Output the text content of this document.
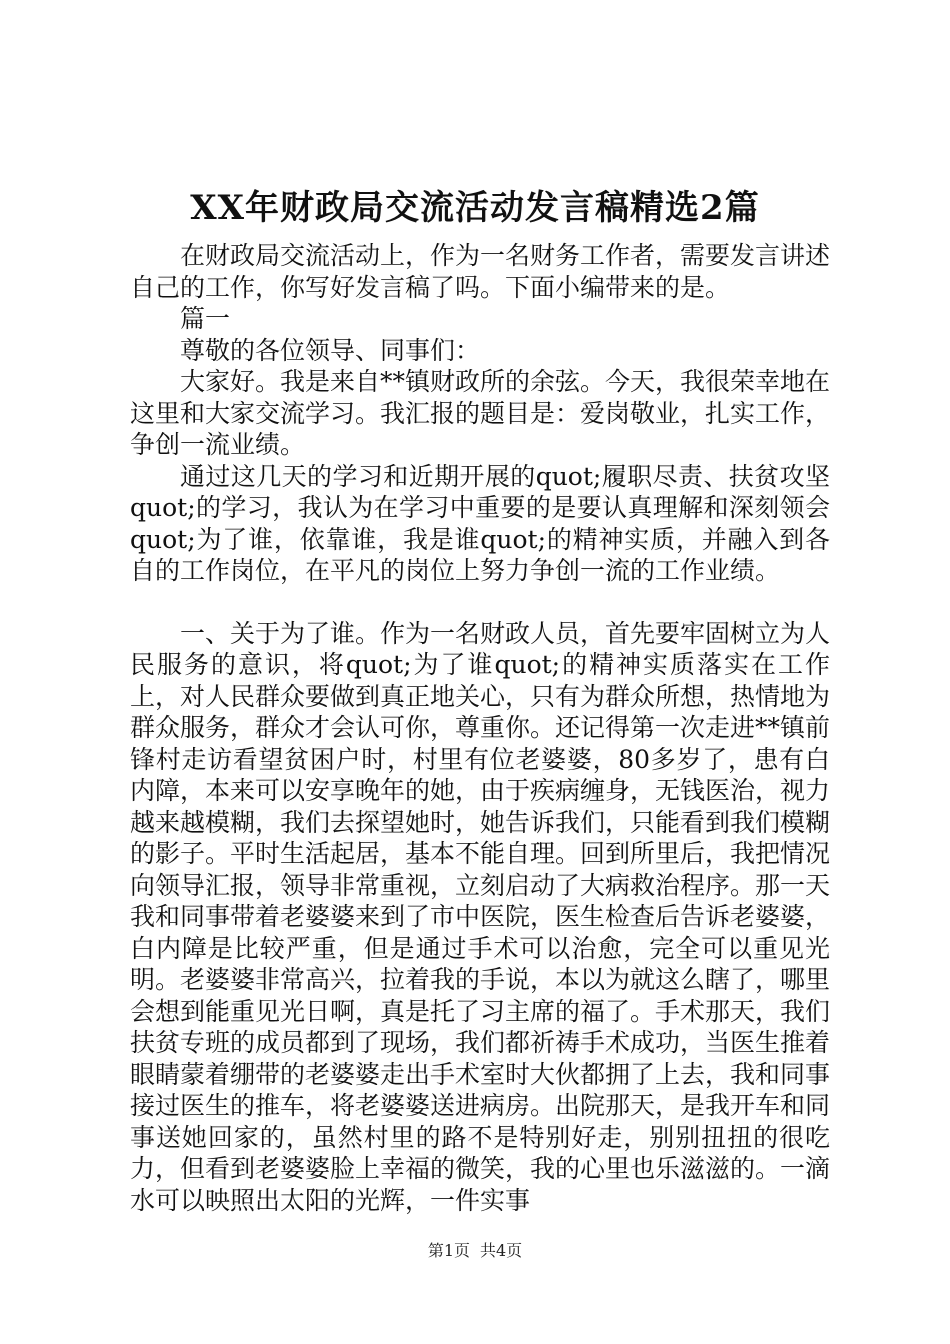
XX年财政局交流活动发言稿精选2篇

在财政局交流活动上，作为一名财务工作者，需要发言讲述自己的工作，你写好发言稿了吗。下面小编带来的是。

篇一

尊敬的各位领导、同事们：

大家好。我是来自**镇财政所的余弦。今天，我很荣幸地在这里和大家交流学习。我汇报的题目是：爱岗敬业，扎实工作，争创一流业绩。

通过这几天的学习和近期开展的quot;履职尽责、扶贫攻坚quot;的学习，我认为在学习中重要的是要认真理解和深刻领会quot;为了谁，依靠谁，我是谁quot;的精神实质，并融入到各自的工作岗位，在平凡的岗位上努力争创一流的工作业绩。

一、关于为了谁。作为一名财政人员，首先要牢固树立为人民服务的意识，将quot;为了谁quot;的精神实质落实在工作上，对人民群众要做到真正地关心，只有为群众所想，热情地为群众服务，群众才会认可你，尊重你。还记得第一次走进**镇前锋村走访看望贫困户时，村里有位老婆婆，80多岁了，患有白内障，本来可以安享晚年的她，由于疾病缠身，无钱医治，视力越来越模糊，我们去探望她时，她告诉我们，只能看到我们模糊的影子。平时生活起居，基本不能自理。回到所里后，我把情况向领导汇报，领导非常重视，立刻启动了大病救治程序。那一天我和同事带着老婆婆来到了市中医院，医生检查后告诉老婆婆，白内障是比较严重，但是通过手术可以治愈，完全可以重见光明。老婆婆非常高兴，拉着我的手说，本以为就这么瞎了，哪里会想到能重见光日啊，真是托了习主席的福了。手术那天，我们扶贫专班的成员都到了现场，我们都祈祷手术成功，当医生推着眼睛蒙着绷带的老婆婆走出手术室时大伙都拥了上去，我和同事接过医生的推车，将老婆婆送进病房。出院那天，是我开车和同事送她回家的，虽然村里的路不是特别好走，别别扭扭的很吃力，但看到老婆婆脸上幸福的微笑，我的心里也乐滋滋的。一滴水可以映照出太阳的光辉，一件实事

第1页 共4页
